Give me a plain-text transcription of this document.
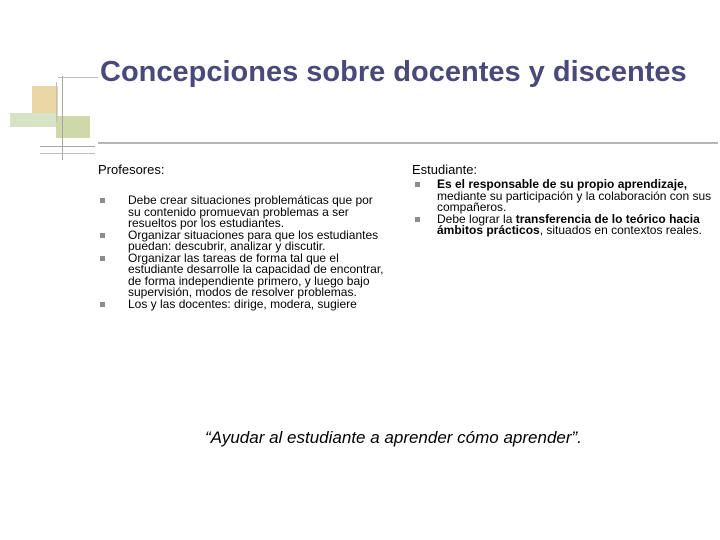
Concepciones sobre docentes y discentes

Profesores:

Debe crear situaciones problemáticas que por su contenido promuevan problemas a ser resueltos por los estudiantes.
Organizar situaciones para que los estudiantes puedan: descubrir, analizar y discutir.
Organizar las tareas de forma tal que el estudiante desarrolle la capacidad de encontrar, de forma independiente primero, y luego bajo supervisión, modos de resolver problemas.
Los y las docentes: dirige, modera, sugiere

Estudiante:

Es el responsable de su propio aprendizaje, mediante su participación y la colaboración con sus compañeros.
Debe lograr la transferencia de lo teórico hacia ámbitos prácticos, situados en contextos reales.

“Ayudar al estudiante a aprender cómo aprender”.
